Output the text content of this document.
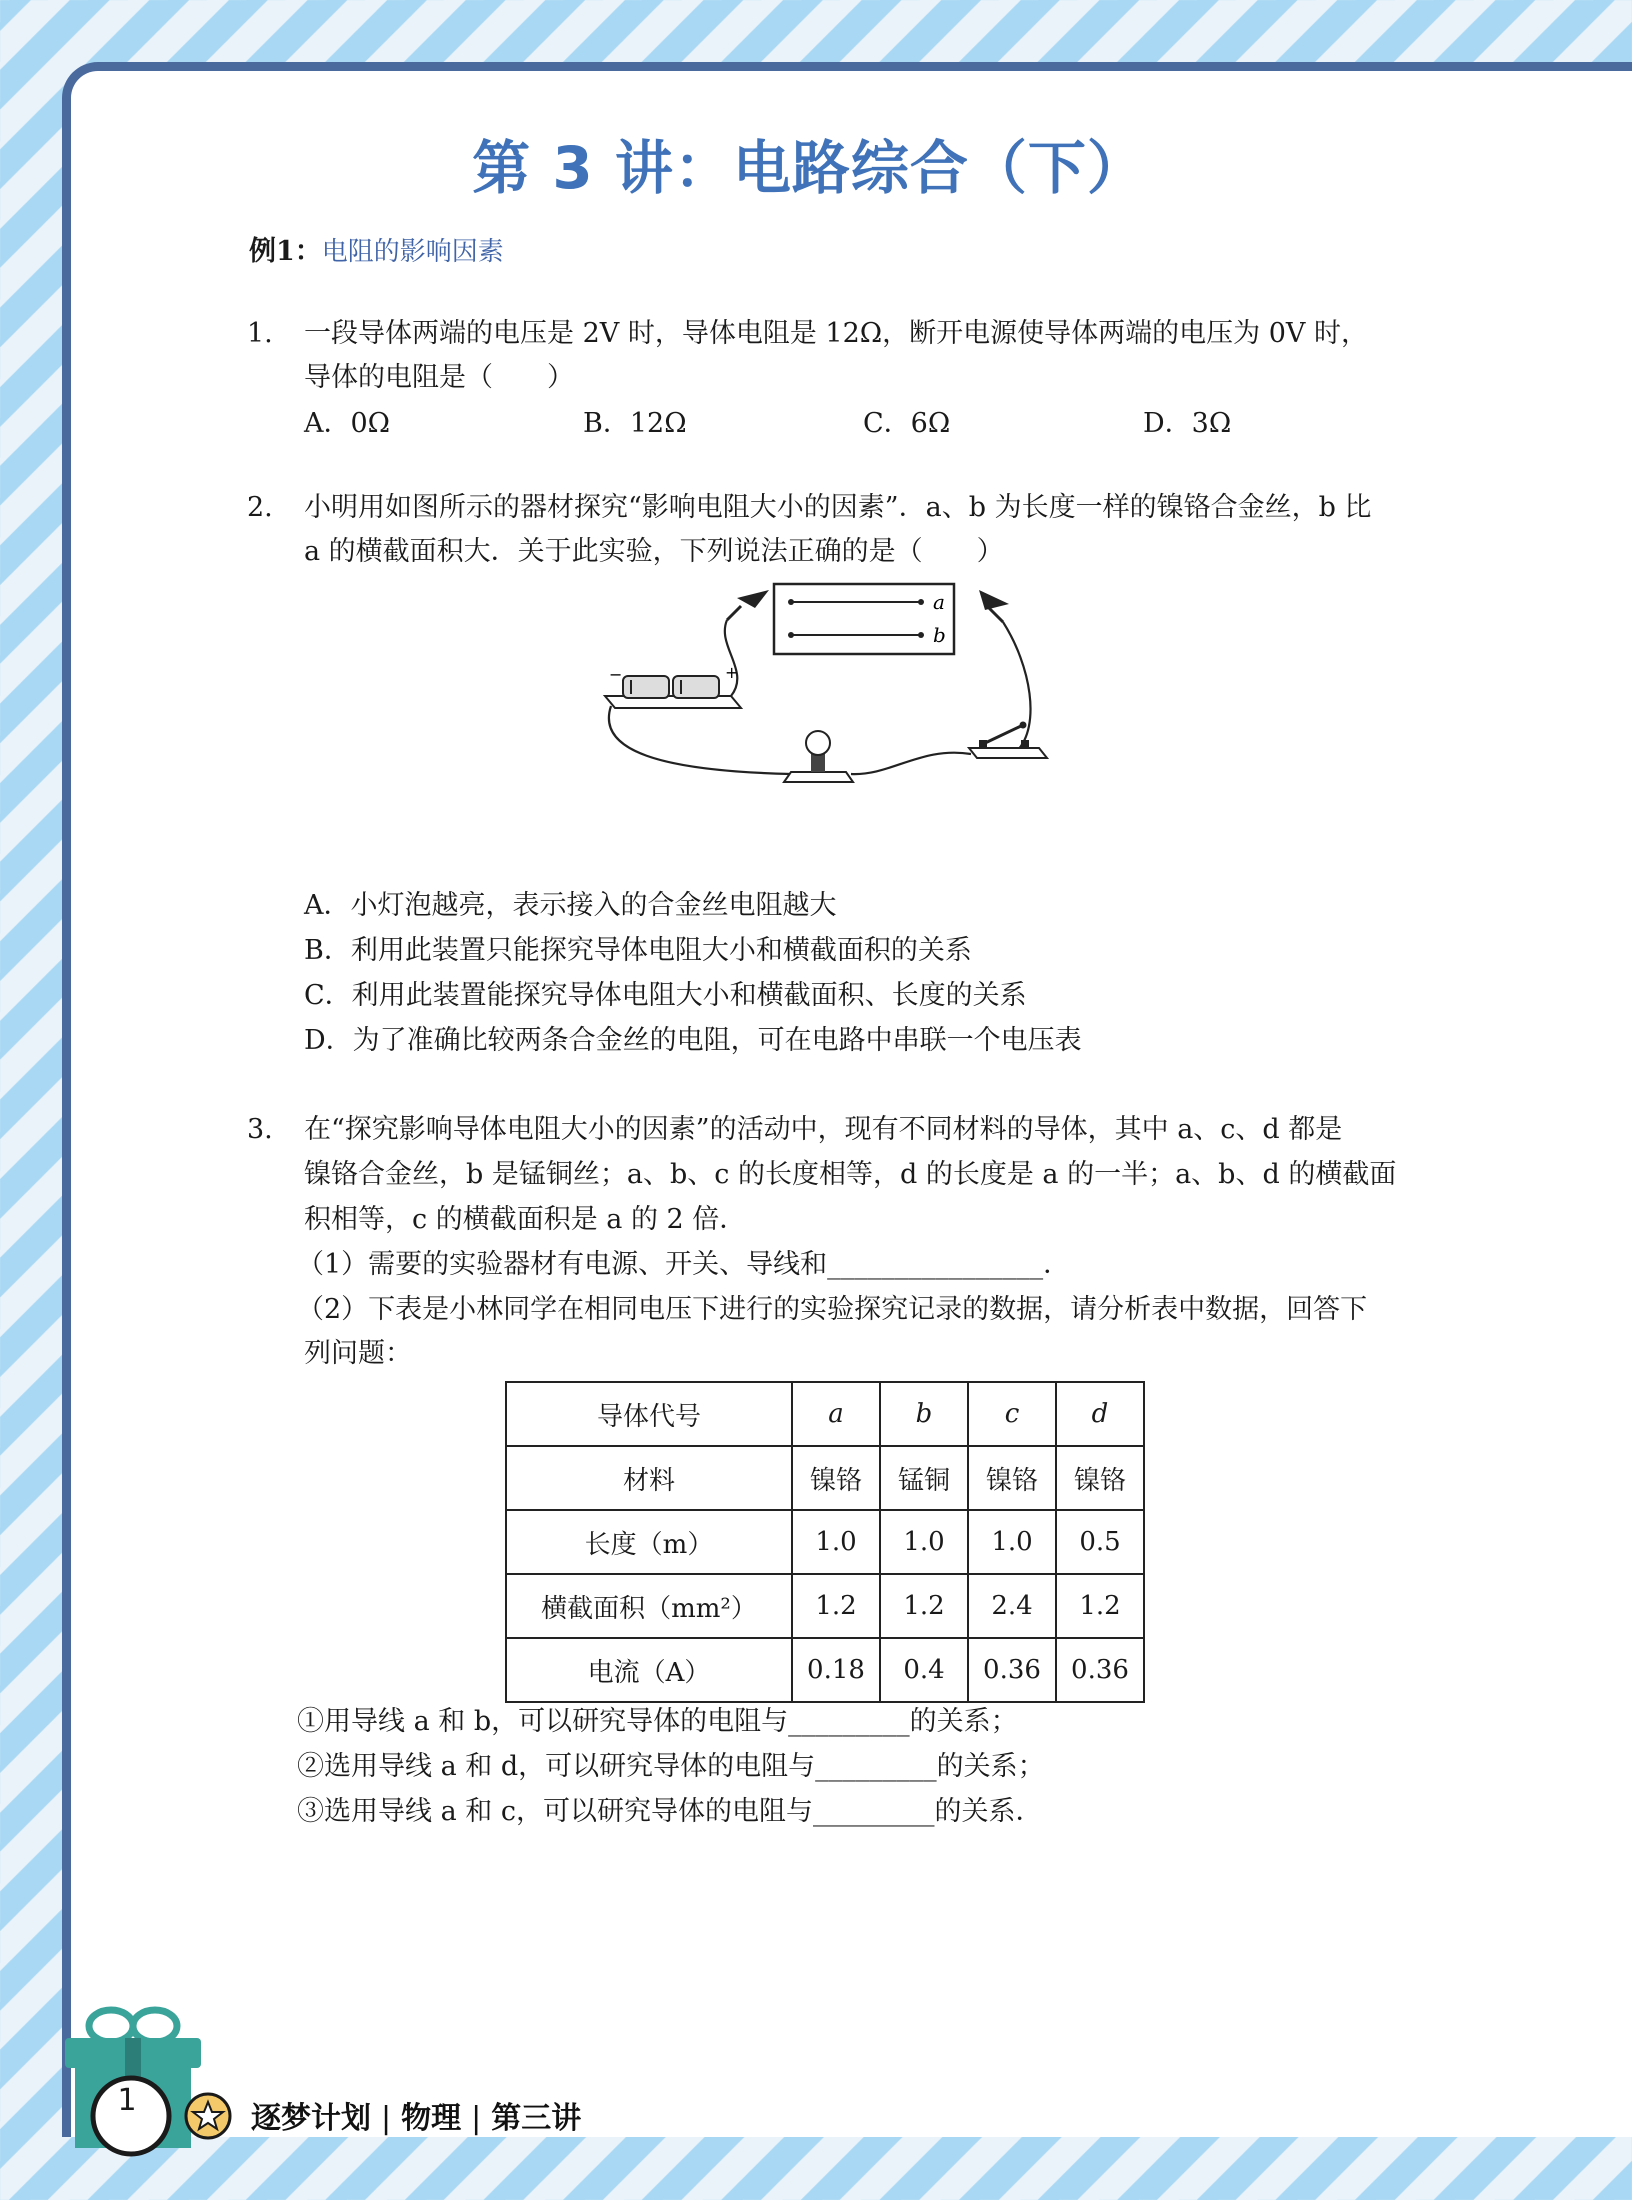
第 3 讲：电路综合（下）
例1：电阻的影响因素
1. 一段导体两端的电压是 2V 时，导体电阻是 12Ω，断开电源使导体两端的电压为 0V 时，
导体的电阻是（　　）
A．0Ω	B．12Ω	C．6Ω	D．3Ω
2. 小明用如图所示的器材探究“影响电阻大小的因素”．a、b 为长度一样的镍铬合金丝，b 比
a 的横截面积大．关于此实验，下列说法正确的是（　　）
a
b
−	+
A．小灯泡越亮，表示接入的合金丝电阻越大
B．利用此装置只能探究导体电阻大小和横截面积的关系
C．利用此装置能探究导体电阻大小和横截面积、长度的关系
D．为了准确比较两条合金丝的电阻，可在电路中串联一个电压表
3. 在“探究影响导体电阻大小的因素”的活动中，现有不同材料的导体，其中 a、c、d 都是
镍铬合金丝，b 是锰铜丝；a、b、c 的长度相等，d 的长度是 a 的一半；a、b、d 的横截面
积相等，c 的横截面积是 a 的 2 倍．
（1）需要的实验器材有电源、开关、导线和________________．
（2）下表是小林同学在相同电压下进行的实验探究记录的数据，请分析表中数据，回答下
列问题：
导体代号	a	b	c	d
材料	镍铬	锰铜	镍铬	镍铬
长度（m）	1.0	1.0	1.0	0.5
横截面积（mm²）	1.2	1.2	2.4	1.2
电流（A）	0.18	0.4	0.36	0.36
①用导线 a 和 b，可以研究导体的电阻与_________的关系；
②选用导线 a 和 d，可以研究导体的电阻与_________的关系；
③选用导线 a 和 c，可以研究导体的电阻与_________的关系．
1
逐梦计划 | 物理 | 第三讲
